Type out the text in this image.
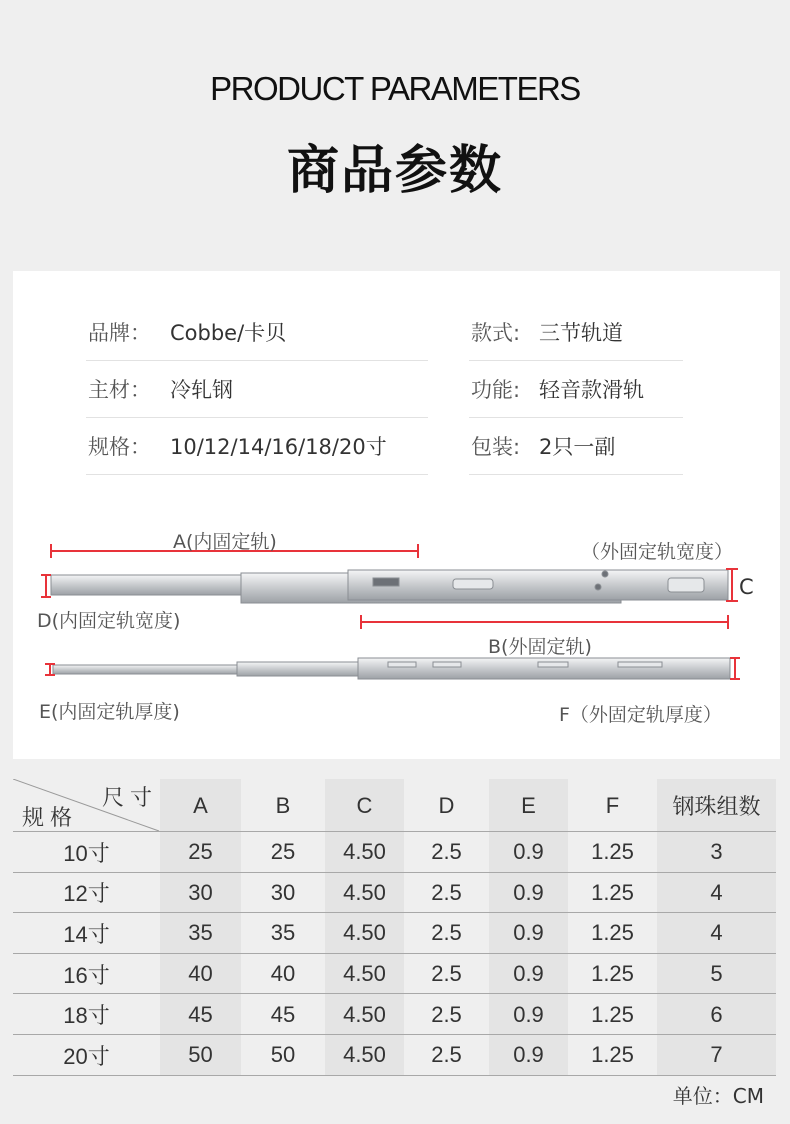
PRODUCT PARAMETERS
商品参数
品牌： Cobbe/卡贝	款式: 三节轨道
主材： 冷轧钢	功能: 轻音款滑轨
规格： 10/12/14/16/18/20寸	包装: 2只一副
A(内固定轨)	（外固定轨宽度）
C
D(内固定轨宽度)
B(外固定轨)
E(内固定轨厚度)	F（外固定轨厚度）
尺 寸
规 格	A	B	C	D	E	F	钢珠组数
10寸	25	25	4.50	2.5	0.9	1.25	3
12寸	30	30	4.50	2.5	0.9	1.25	4
14寸	35	35	4.50	2.5	0.9	1.25	4
16寸	40	40	4.50	2.5	0.9	1.25	5
18寸	45	45	4.50	2.5	0.9	1.25	6
20寸	50	50	4.50	2.5	0.9	1.25	7
单位：CM
